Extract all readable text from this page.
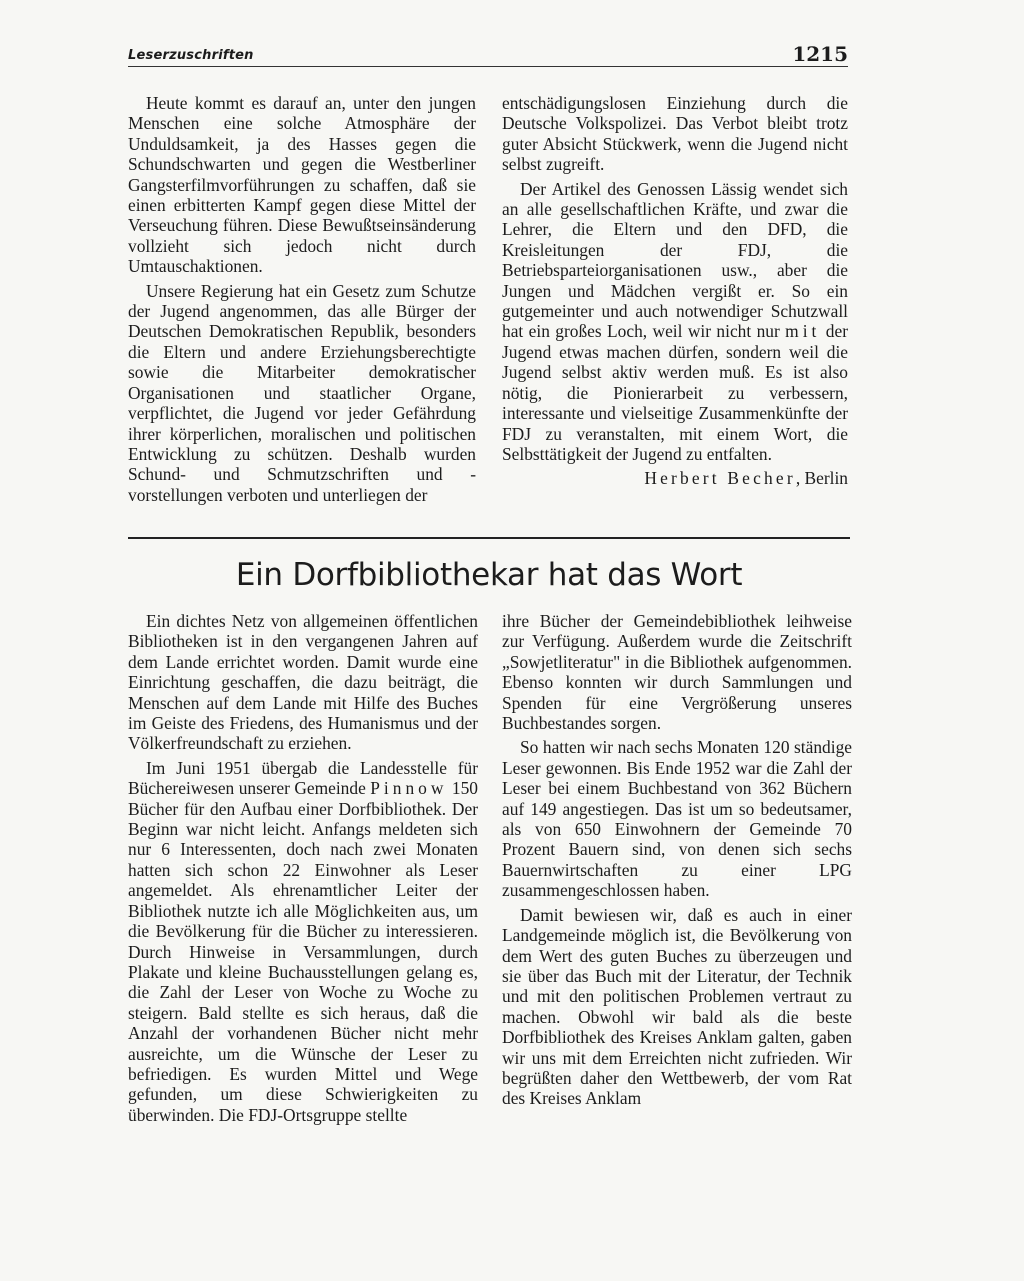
Leserzuschriften	1215

Heute kommt es darauf an, unter den jungen Menschen eine solche Atmosphäre der Unduldsamkeit, ja des Hasses gegen die Schundschwarten und gegen die Westberliner Gangsterfilmvorführungen zu schaffen, daß sie einen erbitterten Kampf gegen diese Mittel der Verseuchung führen. Diese Bewußtseinsänderung vollzieht sich jedoch nicht durch Umtauschaktionen.

Unsere Regierung hat ein Gesetz zum Schutze der Jugend angenommen, das alle Bürger der Deutschen Demokratischen Republik, besonders die Eltern und andere Erziehungsberechtigte sowie die Mitarbeiter demokratischer Organisationen und staatlicher Organe, verpflichtet, die Jugend vor jeder Gefährdung ihrer körperlichen, moralischen und politischen Entwicklung zu schützen. Deshalb wurden Schund- und Schmutzschriften und -vorstellungen verboten und unterliegen der

entschädigungslosen Einziehung durch die Deutsche Volkspolizei. Das Verbot bleibt trotz guter Absicht Stückwerk, wenn die Jugend nicht selbst zugreift.

Der Artikel des Genossen Lässig wendet sich an alle gesellschaftlichen Kräfte, und zwar die Lehrer, die Eltern und den DFD, die Kreisleitungen der FDJ, die Betriebsparteiorganisationen usw., aber die Jungen und Mädchen vergißt er. So ein gutgemeinter und auch notwendiger Schutzwall hat ein großes Loch, weil wir nicht nur mit der Jugend etwas machen dürfen, sondern weil die Jugend selbst aktiv werden muß. Es ist also nötig, die Pionierarbeit zu verbessern, interessante und vielseitige Zusammenkünfte der FDJ zu veranstalten, mit einem Wort, die Selbsttätigkeit der Jugend zu entfalten.

Herbert Becher, Berlin
Ein Dorfbibliothekar hat das Wort

Ein dichtes Netz von allgemeinen öffentlichen Bibliotheken ist in den vergangenen Jahren auf dem Lande errichtet worden. Damit wurde eine Einrichtung geschaffen, die dazu beiträgt, die Menschen auf dem Lande mit Hilfe des Buches im Geiste des Friedens, des Humanismus und der Völkerfreundschaft zu erziehen.

Im Juni 1951 übergab die Landesstelle für Büchereiwesen unserer Gemeinde Pinnow 150 Bücher für den Aufbau einer Dorfbibliothek. Der Beginn war nicht leicht. Anfangs meldeten sich nur 6 Interessenten, doch nach zwei Monaten hatten sich schon 22 Einwohner als Leser angemeldet. Als ehrenamtlicher Leiter der Bibliothek nutzte ich alle Möglichkeiten aus, um die Bevölkerung für die Bücher zu interessieren. Durch Hinweise in Versammlungen, durch Plakate und kleine Buchausstellungen gelang es, die Zahl der Leser von Woche zu Woche zu steigern. Bald stellte es sich heraus, daß die Anzahl der vorhandenen Bücher nicht mehr ausreichte, um die Wünsche der Leser zu befriedigen. Es wurden Mittel und Wege gefunden, um diese Schwierigkeiten zu überwinden. Die FDJ-Ortsgruppe stellte

ihre Bücher der Gemeindebibliothek leihweise zur Verfügung. Außerdem wurde die Zeitschrift „Sowjetliteratur" in die Bibliothek aufgenommen. Ebenso konnten wir durch Sammlungen und Spenden für eine Vergrößerung unseres Buchbestandes sorgen.

So hatten wir nach sechs Monaten 120 ständige Leser gewonnen. Bis Ende 1952 war die Zahl der Leser bei einem Buchbestand von 362 Büchern auf 149 angestiegen. Das ist um so bedeutsamer, als von 650 Einwohnern der Gemeinde 70 Prozent Bauern sind, von denen sich sechs Bauernwirtschaften zu einer LPG zusammengeschlossen haben.

Damit bewiesen wir, daß es auch in einer Landgemeinde möglich ist, die Bevölkerung von dem Wert des guten Buches zu überzeugen und sie über das Buch mit der Literatur, der Technik und mit den politischen Problemen vertraut zu machen. Obwohl wir bald als die beste Dorfbibliothek des Kreises Anklam galten, gaben wir uns mit dem Erreichten nicht zufrieden. Wir begrüßten daher den Wettbewerb, der vom Rat des Kreises Anklam
